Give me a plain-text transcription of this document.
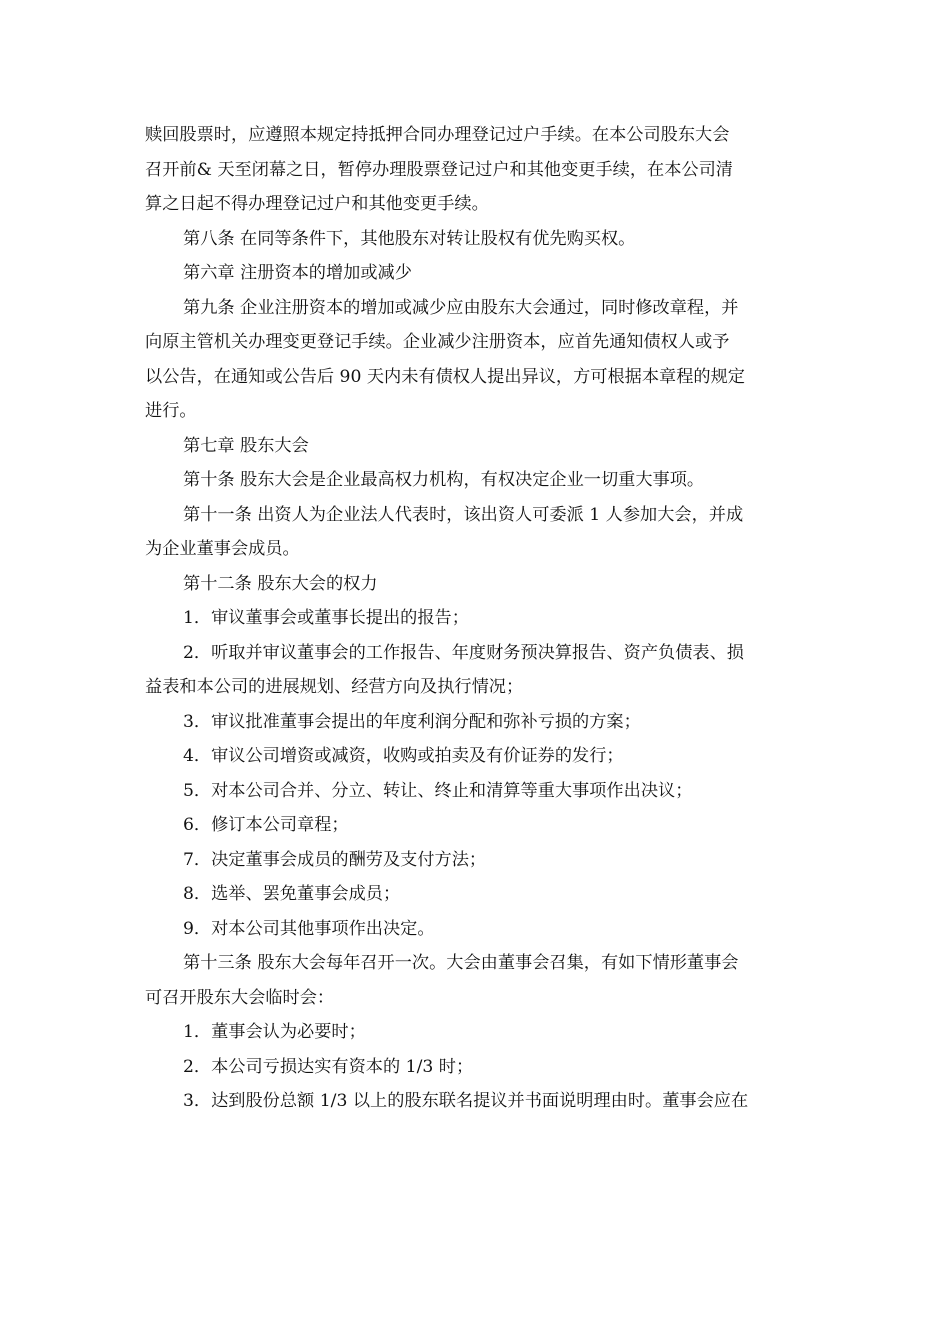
赎回股票时，应遵照本规定持抵押合同办理登记过户手续。在本公司股东大会
召开前& 天至闭幕之日，暂停办理股票登记过户和其他变更手续，在本公司清
算之日起不得办理登记过户和其他变更手续。
第八条 在同等条件下，其他股东对转让股权有优先购买权。
第六章 注册资本的增加或减少
第九条 企业注册资本的增加或减少应由股东大会通过，同时修改章程，并
向原主管机关办理变更登记手续。企业减少注册资本，应首先通知债权人或予
以公告，在通知或公告后 90 天内未有债权人提出异议，方可根据本章程的规定
进行。
第七章 股东大会
第十条 股东大会是企业最高权力机构，有权决定企业一切重大事项。
第十一条 出资人为企业法人代表时，该出资人可委派 1 人参加大会，并成
为企业董事会成员。
第十二条 股东大会的权力
1．审议董事会或董事长提出的报告；
2．听取并审议董事会的工作报告、年度财务预决算报告、资产负债表、损
益表和本公司的进展规划、经营方向及执行情况；
3．审议批准董事会提出的年度利润分配和弥补亏损的方案；
4．审议公司增资或减资，收购或拍卖及有价证券的发行；
5．对本公司合并、分立、转让、终止和清算等重大事项作出决议；
6．修订本公司章程；
7．决定董事会成员的酬劳及支付方法；
8．选举、罢免董事会成员；
9．对本公司其他事项作出决定。
第十三条 股东大会每年召开一次。大会由董事会召集，有如下情形董事会
可召开股东大会临时会：
1．董事会认为必要时；
2．本公司亏损达实有资本的 1/3 时；
3．达到股份总额 1/3 以上的股东联名提议并书面说明理由时。董事会应在
